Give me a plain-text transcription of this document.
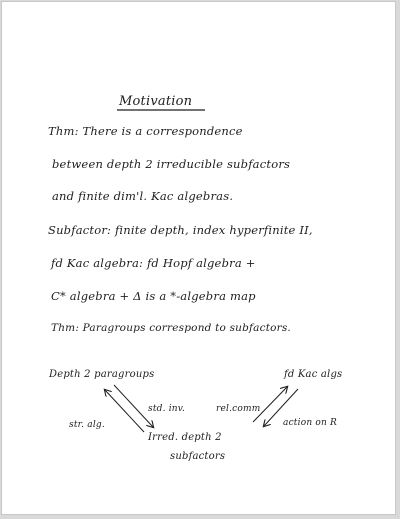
Motivation
Thm: There is a correspondence
between depth 2 irreducible subfactors
and finite dim'l. Kac algebras.
Subfactor: finite depth, index hyperfinite II,
fd Kac algebra: fd Hopf algebra +
C* algebra + Δ is a *-algebra map
Thm: Paragroups correspond to subfactors.
Depth 2 paragroups	fd Kac algs
Irred. depth 2
subfactors
str. alg.
std. inv.	rel.comm
action on R
